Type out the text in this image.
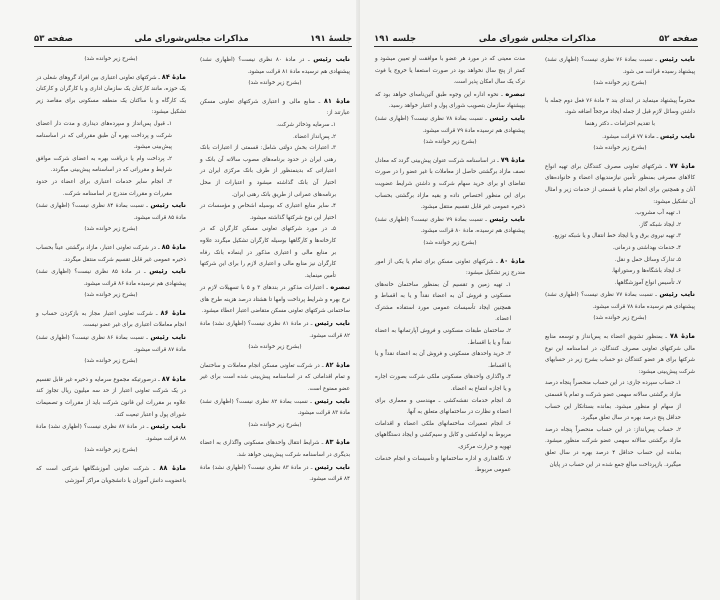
جلسهٔ ۱۹۱
مذاکرات مجلس‌شورای ملی
صفحه ۵۳

نایب رئیس ـ در مادهٔ ۸۰ نظری نیست؟ (اظهاری نشد) پیشنهادی هم نرسیده مادهٔ ۸۱ قرائت میشود.

(بشرح زیر خوانده شد)

مادهٔ ۸۱ ـ منابع مالی و اعتباری شرکتهای تعاونی مسکن عبارتند از:

۱ـ سرمایه وذخائر شرکت.

۲ـ پس‌انداز اعضاء.

۳ـ اعتبارات بخش دولتی شامل: قسمتی از اعتبارات بانک رهنی ایران در حدود برنامه‌های مصوب سالانه آن بانک و اعتباراتی که بدینمنظور از طرف بانک مرکزی ایران در اختیار آن بانک گذاشته میشود و اعتبارات از محل برنامه‌های عمرانی از طریق بانک رهنی ایران.

۴ـ سایر منابع اعتباری که بوسیله اشخاص و مؤسسات در اختیار این نوع شرکتها گذاشته میشود.

۵ـ در مورد شرکتهای تعاونی مسکن کارگران که در کارخانه‌ها و کارگاهها بوسیله کارگران تشکیل میگردد علاوه بر منابع مالی و اعتباری مذکور در اینماده بانک رفاه کارگران نیز منابع مالی و اعتباری لازم را برای این شرکتها تأمین مینماید.

تبصره ـ اعتبارات مذکور در بندهای ۳ و ۵ با تسهیلات لازم در نرخ بهره و شرایط پرداخت وامها تا هشتاد درصد هزینه طرح های ساختمانی شرکتهای تعاونی مسکن متقاضی اعتبار اعطاء میشود.

نایب رئیس ـ در مادهٔ ۸۱ نظری نیست؟ (اظهاری نشد) مادهٔ ۸۲ قرائت میشود.

(بشرح زیر خوانده شد)

مادهٔ ۸۲ ـ در شرکت تعاونی مسکن انجام معاملات و ساختمان و تمام اقداماتی که در اساسنامه پیش‌بینی شده است برای غیر عضو ممنوع است.

نایب رئیس ـ نسبت بمادهٔ ۸۲ نظری نیست؟ (اظهاری نشد) مادهٔ ۸۳ قرائت میشود.

(بشرح زیر خوانده شد)

مادهٔ ۸۳ ـ شرایط انتقال واحدهای مسکونی واگذاری به اعضاء بدیگری در اساسنامه شرکت پیش‌بینی خواهد شد.

نایب رئیس ـ در مادهٔ ۸۳ نظری نیست؟ (اظهاری نشد) مادهٔ ۸۴ قرائت میشود.

(بشرح زیر خوانده شد)

مادهٔ ۸۴ ـ شرکتهای تعاونی اعتباری بین افراد گروهای شغلی در یک حوزه، مانند کارکنان یک سازمان اداری و یا کارگران و کارکنان یک کارگاه و یا ساکنان یک منطقه مسکونی برای مقاصد زیر تشکیل میشود:

۱ـ قبول پس‌انداز و سپرده‌های دیداری و مدت دار اعضای شرکت و پرداخت بهره آن طبق مقرراتی که در اساسنامه پیش‌بینی میشود.

۲ـ پرداخت وام یا دریافت بهره به اعضای شرکت موافق شرایط و مقرراتی که در اساسنامه پیش‌بینی میگردد.

۳ـ انجام سایر خدمات اعتباری برای اعضاء در حدود مقررات و مقررات مندرج در اساسنامه شرکت.

نایب رئیس ـ نسبت بمادهٔ ۸۴ نظری نیست؟ (اظهاری نشد) مادهٔ ۸۵ قرائت میشود.

(بشرح زیر خوانده شد)

مادهٔ ۸۵ ـ در شرکت تعاونی اعتبار، مازاد برگشتی عیناً بحساب ذخیره عمومی غیر قابل تقسیم شرکت منتقل میگردد.

نایب رئیس ـ در مادهٔ ۸۵ نظری نیست؟ (اظهاری نشد) پیشنهادی هم نرسیده مادهٔ ۸۶ قرائت میشود.

(بشرح زیر خوانده شد)

مادهٔ ۸۶ ـ شرکت تعاونی اعتبار مجاز به بازکردن حساب و انجام معاملات اعتباری برای غیر عضو نیست.

نایب رئیس ـ نسبت بمادهٔ ۸۶ نظری نیست؟ (اظهاری نشد) مادهٔ ۸۷ قرائت میشود.

(بشرح زیر خوانده شد)

مادهٔ ۸۷ ـ درصورتیکه مجموع سرمایه و ذخیره غیر قابل تقسیم در یک شرکت تعاونی اعتبار از حد سه میلیون ریال تجاوز کند علاوه بر مقررات این قانون شرکت باید از مقررات و تصمیمات شورای پول و اعتبار تبعیت کند.

نایب رئیس ـ در مادهٔ ۸۷ نظری نیست؟ (اظهاری نشد) مادهٔ ۸۸ قرائت میشود.

(بشرح زیر خوانده شد)

مادهٔ ۸۸ ـ شرکت تعاونی آموزشگاهها شرکتی است که باعضویت دانش آموزان یا دانشجویان مراکز آموزشی

صفحه ۵۲
مذاکرات مجلس شورای ملی
جلسه ۱۹۱

نایب رئیس ـ نسبت بمادهٔ ۷۶ نظری نیست؟ (اظهاری نشد) پیشنهاد رسیده قرائت می شود.

(بشرح زیر خوانده شد)

محترماً پیشنهاد مینماید در ابتدای بند ۳ مادهٔ ۷۶ فعل دوم جمله با داشتن وسائل لازم قبل از جمله ایجاد مرجحاً اضافه شود.

با تقدیم احترامات ـ دکتر رهنما

نایب رئیس ـ مادهٔ ۷۷ قرائت میشود.

(بشرح زیر خوانده شد)

مادهٔ ۷۷ ـ شرکتهای تعاونی مصرف کنندگان برای تهیه انواع کالاهای مصرفی بمنظور تأمین نیازمندیهای اعضاء و خانواده‌های آنان و همچنین برای انجام تمام یا قسمتی از خدمات زیر و امثال آن تشکیل میشود:

۱ـ تهیه آب مشروب.

۲ـ ایجاد شبکه گاز.

۳ـ تهیه نیروی برق و یا ایجاد خط انتقال و یا شبکه توزیع.

۴ـ خدمات بهداشتی و درمانی.

۵ـ تدارک وسائل حمل و نقل.

۶ـ ایجاد باشگاه‌ها و رستورانها.

۷ـ تأسیس انواع آموزشگاهها.

نایب رئیس ـ نسبت بمادهٔ ۷۷ نظری نیست؟ (اظهاری نشد) پیشنهادی هم نرسیده مادهٔ ۷۸ قرائت میشود.

(بشرح زیر خوانده شد)

مادهٔ ۷۸ ـ بمنظور تشویق اعضاء به پس‌انداز و توسعه منابع مالی شرکتهای تعاونی مصرف کنندگان، در اساسنامه این نوع شرکتها برای هر عضو کنندگان دو حساب بشرح زیر در حسابهای شرکت پیش‌بینی میشود:

۱ـ حساب سپرده جاری: در این حساب منحصراً پنجاه درصد مازاد برگشتی سالانه سهمی عضو شرکت و تمام یا قسمتی از سهام او منظور میشود. بمانده بستانکار این حساب حداقل پنج درصد بهره در سال تعلق میگیرد.

۲ـ حساب پس‌انداز: در این حساب منحصراً پنجاه درصد مازاد برگشتی سالانه سهمی عضو شرکت منظور میشود. بمانده این حساب حداقل ۴ درصد بهره در سال تعلق میگیرد. بازپرداخت مبالغ جمع شده در این حساب در پایان

مدت معینی که در مورد هر عضو با موافقت او تعیین میشود و کمتر از پنج سال نخواهد بود در صورت استعفا یا خروج یا فوت ترک یک سال امکان پذیر است.

تبصره ـ نحوه اداره این وجوه طبق آئین‌نامه‌ای خواهد بود که بپیشنهاد سازمان بتصویب شورای پول و اعتبار خواهد رسید.

نایب رئیس ـ نسبت بمادهٔ ۷۸ نظری نیست؟ (اظهاری نشد) پیشنهادی هم نرسیده مادهٔ ۷۹ قرائت میشود.

(بشرح زیر خوانده شد)

مادهٔ ۷۹ ـ در اساسنامه شرکت عنوان پیش‌بینی گردد که معادل نصف مازاد برگشتی حاصل از معاملات با غیر عضو را در صورت تقاضای او برای خرید سهام شرکت و داشتن شرایط عضویت برای این منظور اختصاص داده و بقیه مازاد برگشتی بحساب ذخیره عمومی غیر قابل تقسیم منتقل میشود.

نایب رئیس ـ نسبت بمادهٔ ۷۹ نظری نیست؟ (اظهاری نشد) پیشنهادی هم نرسیده، مادهٔ ۸۰ قرائت میشود.

(بشرح زیر خوانده شد)

مادهٔ ۸۰ ـ شرکتهای تعاونی مسکن برای تمام یا یکی از امور مندرج زیر تشکیل میشود:

۱ـ تهیه زمین و تقسیم آن بمنظور ساختمان خانه‌های مسکونی و فروش آن به اعضاء نقداً و یا به اقساط و همچنین ایجاد تأسیسات عمومی مورد استفاده مشترک اعضاء.

۲ـ ساختمان طبقات مسکونی و فروش آپارتمانها به اعضاء نقداً و یا با اقساط.

۳ـ خرید واحدهای مسکونی و فروش آن به اعضاء نقداً و یا با اقساط.

۴ـ واگذاری واحدهای مسکونی ملکی شرکت بصورت اجاره و یا اجازه انتفاع به اعضاء.

۵ـ انجام خدمات نقشه‌کشی ـ مهندسی و معماری برای اعضاء و نظارت در ساختمانهای متعلق به آنها.

۶ـ انجام تعمیرات ساختمانهای ملکی اعضاء و اقدامات مربوط به لوله‌کشی و کابل و سیم‌کشی و ایجاد دستگاههای تهویه و حرارت مرکزی.

۷ـ نگاهداری و اداره ساختمانها و تأسیسات و انجام خدمات عمومی مربوط.
